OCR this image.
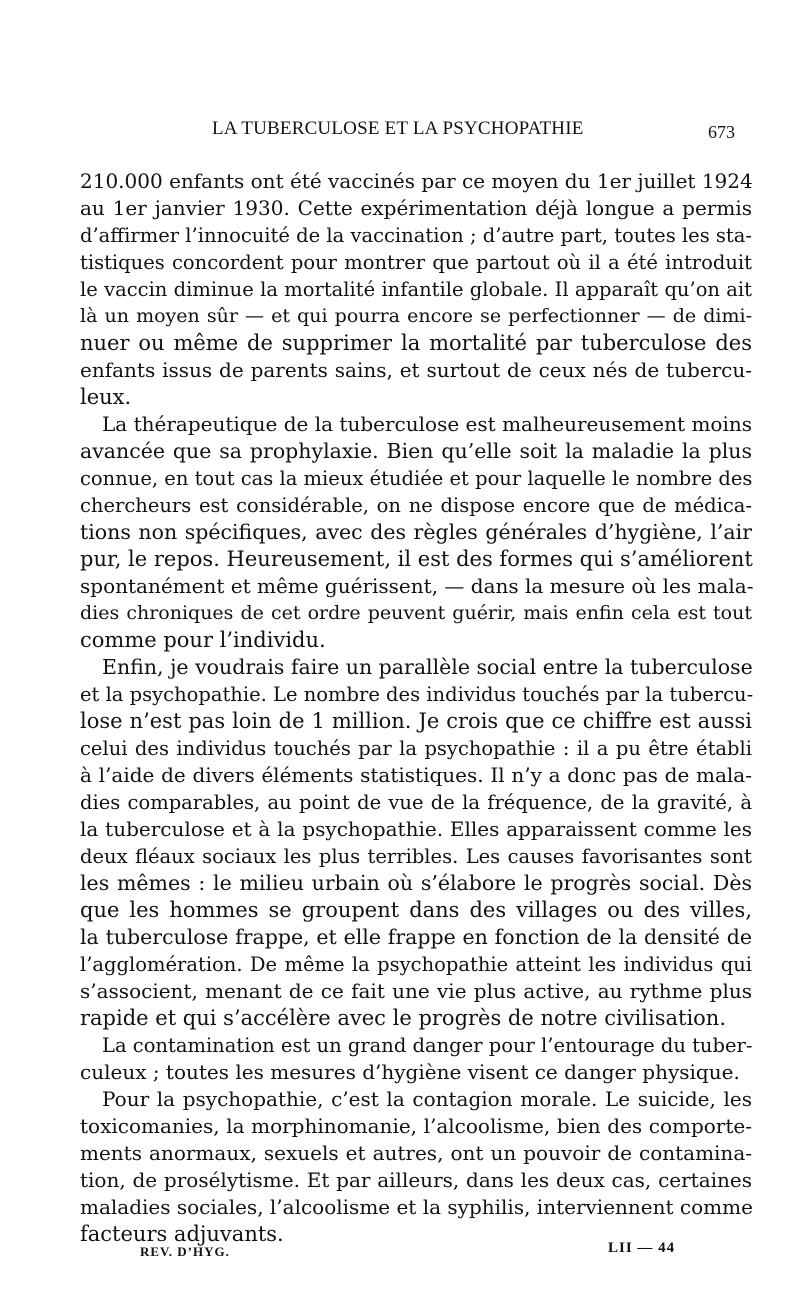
LA TUBERCULOSE ET LA PSYCHOPATHIE	673
210.000 enfants ont été vaccinés par ce moyen du 1er juillet 1924
au 1er janvier 1930. Cette expérimentation déjà longue a permis
d’affirmer l’innocuité de la vaccination ; d’autre part, toutes les sta-
tistiques concordent pour montrer que partout où il a été introduit
le vaccin diminue la mortalité infantile globale. Il apparaît qu’on ait
là un moyen sûr — et qui pourra encore se perfectionner — de dimi-
nuer ou même de supprimer la mortalité par tuberculose des
enfants issus de parents sains, et surtout de ceux nés de tubercu-
leux.
La thérapeutique de la tuberculose est malheureusement moins
avancée que sa prophylaxie. Bien qu’elle soit la maladie la plus
connue, en tout cas la mieux étudiée et pour laquelle le nombre des
chercheurs est considérable, on ne dispose encore que de médica-
tions non spécifiques, avec des règles générales d’hygiène, l’air
pur, le repos. Heureusement, il est des formes qui s’améliorent
spontanément et même guérissent, — dans la mesure où les mala-
dies chroniques de cet ordre peuvent guérir, mais enfin cela est tout
comme pour l’individu.
Enfin, je voudrais faire un parallèle social entre la tuberculose
et la psychopathie. Le nombre des individus touchés par la tubercu-
lose n’est pas loin de 1 million. Je crois que ce chiffre est aussi
celui des individus touchés par la psychopathie : il a pu être établi
à l’aide de divers éléments statistiques. Il n’y a donc pas de mala-
dies comparables, au point de vue de la fréquence, de la gravité, à
la tuberculose et à la psychopathie. Elles apparaissent comme les
deux fléaux sociaux les plus terribles. Les causes favorisantes sont
les mêmes : le milieu urbain où s’élabore le progrès social. Dès
que les hommes se groupent dans des villages ou des villes,
la tuberculose frappe, et elle frappe en fonction de la densité de
l’agglomération. De même la psychopathie atteint les individus qui
s’associent, menant de ce fait une vie plus active, au rythme plus
rapide et qui s’accélère avec le progrès de notre civilisation.
La contamination est un grand danger pour l’entourage du tuber-
culeux ; toutes les mesures d’hygiène visent ce danger physique.
Pour la psychopathie, c’est la contagion morale. Le suicide, les
toxicomanies, la morphinomanie, l’alcoolisme, bien des comporte-
ments anormaux, sexuels et autres, ont un pouvoir de contamina-
tion, de prosélytisme. Et par ailleurs, dans les deux cas, certaines
maladies sociales, l’alcoolisme et la syphilis, interviennent comme
facteurs adjuvants.
REV. D’HYG.	LII — 44
